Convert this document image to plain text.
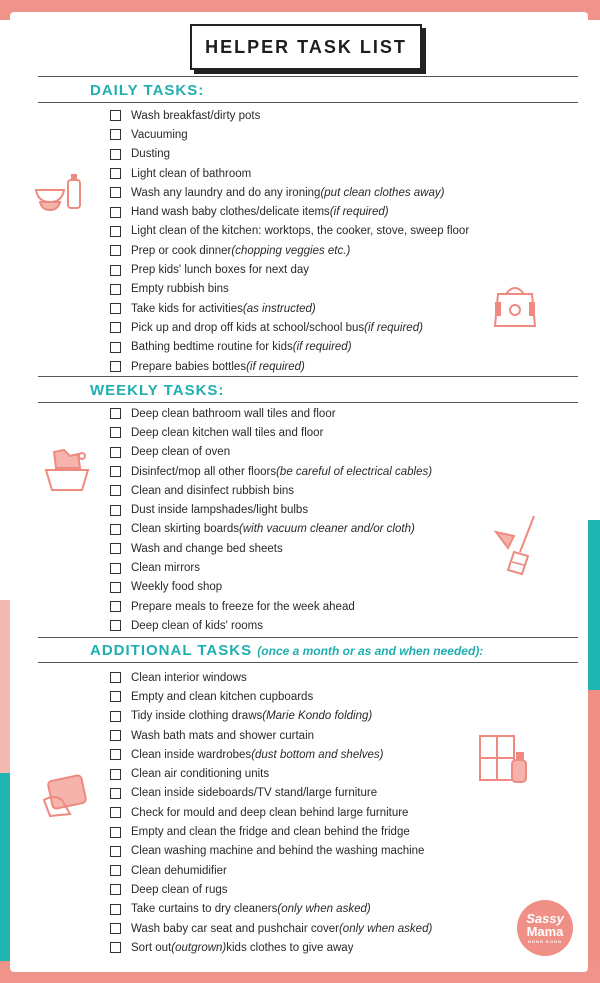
HELPER TASK LIST
DAILY TASKS:
Wash breakfast/dirty pots
Vacuuming
Dusting
Light clean of bathroom
Wash any laundry and do any ironing (put clean clothes away)
Hand wash baby clothes/delicate items (if required)
Light clean of the kitchen: worktops, the cooker, stove, sweep floor
Prep or cook dinner (chopping veggies etc.)
Prep kids' lunch boxes for next day
Empty rubbish bins
Take kids for activities (as instructed)
Pick up and drop off kids at school/school bus (if required)
Bathing bedtime routine for kids (if required)
Prepare babies bottles (if required)
WEEKLY TASKS:
Deep clean bathroom wall tiles and floor
Deep clean kitchen wall tiles and floor
Deep clean of oven
Disinfect/mop all other floors (be careful of electrical cables)
Clean and disinfect rubbish bins
Dust inside lampshades/light bulbs
Clean skirting boards (with vacuum cleaner and/or cloth)
Wash and change bed sheets
Clean mirrors
Weekly food shop
Prepare meals to freeze for the week ahead
Deep clean of kids' rooms
ADDITIONAL TASKS (once a month or as and when needed):
Clean interior windows
Empty and clean kitchen cupboards
Tidy inside clothing draws (Marie Kondo folding)
Wash bath mats and shower curtain
Clean inside wardrobes (dust bottom and shelves)
Clean air conditioning units
Clean inside sideboards/TV stand/large furniture
Check for mould and deep clean behind large furniture
Empty and clean the fridge and clean behind the fridge
Clean washing machine and behind the washing machine
Clean dehumidifier
Deep clean of rugs
Take curtains to dry cleaners (only when asked)
Wash baby car seat and pushchair cover (only when asked)
Sort out (outgrown) kids clothes to give away
Sassy
Mama
HONG KONG
